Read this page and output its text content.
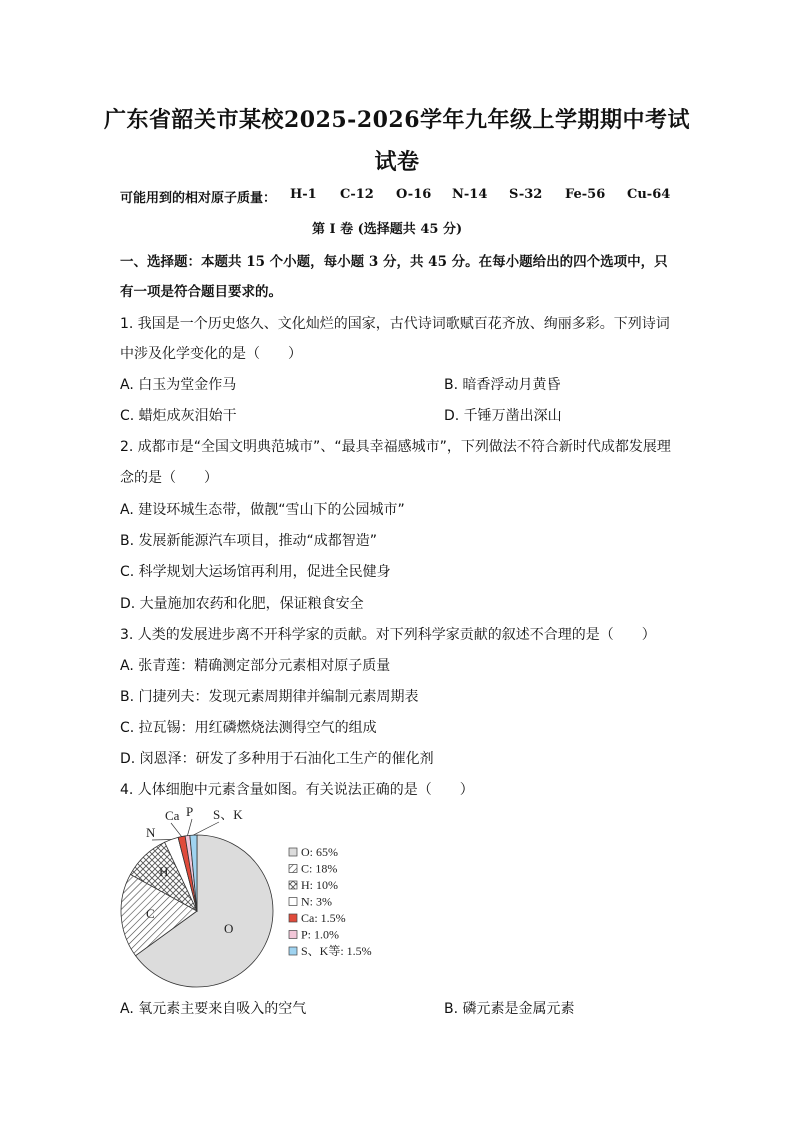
广东省韶关市某校2025-2026学年九年级上学期期中考试
试卷
可能用到的相对原子质量： H-1 C-12 O-16 N-14 S-32 Fe-56 Cu-64
第 I 卷 (选择题共 45 分)
一、选择题：本题共 15 个小题，每小题 3 分，共 45 分。在每小题给出的四个选项中，只
有一项是符合题目要求的。
1. 我国是一个历史悠久、文化灿烂的国家，古代诗词歌赋百花齐放、绚丽多彩。下列诗词
中涉及化学变化的是（　　）
A. 白玉为堂金作马	B. 暗香浮动月黄昏
C. 蜡炬成灰泪始干	D. 千锤万凿出深山
2. 成都市是“全国文明典范城市”、“最具幸福感城市”，下列做法不符合新时代成都发展理
念的是（　　）
A. 建设环城生态带，做靓“雪山下的公园城市”
B. 发展新能源汽车项目，推动“成都智造”
C. 科学规划大运场馆再利用，促进全民健身
D. 大量施加农药和化肥，保证粮食安全
3. 人类的发展进步离不开科学家的贡献。对下列科学家贡献的叙述不合理的是（　　）
A. 张青莲：精确测定部分元素相对原子质量
B. 门捷列夫：发现元素周期律并编制元素周期表
C. 拉瓦锡：用红磷燃烧法测得空气的组成
D. 闵恩泽：研发了多种用于石油化工生产的催化剂
4. 人体细胞中元素含量如图。有关说法正确的是（　　）
O
C
H
N
Ca P S、K
O: 65%
C: 18%
H: 10%
N: 3%
Ca: 1.5%
P: 1.0%
S、K等: 1.5%
A. 氧元素主要来自吸入的空气	B. 磷元素是金属元素
